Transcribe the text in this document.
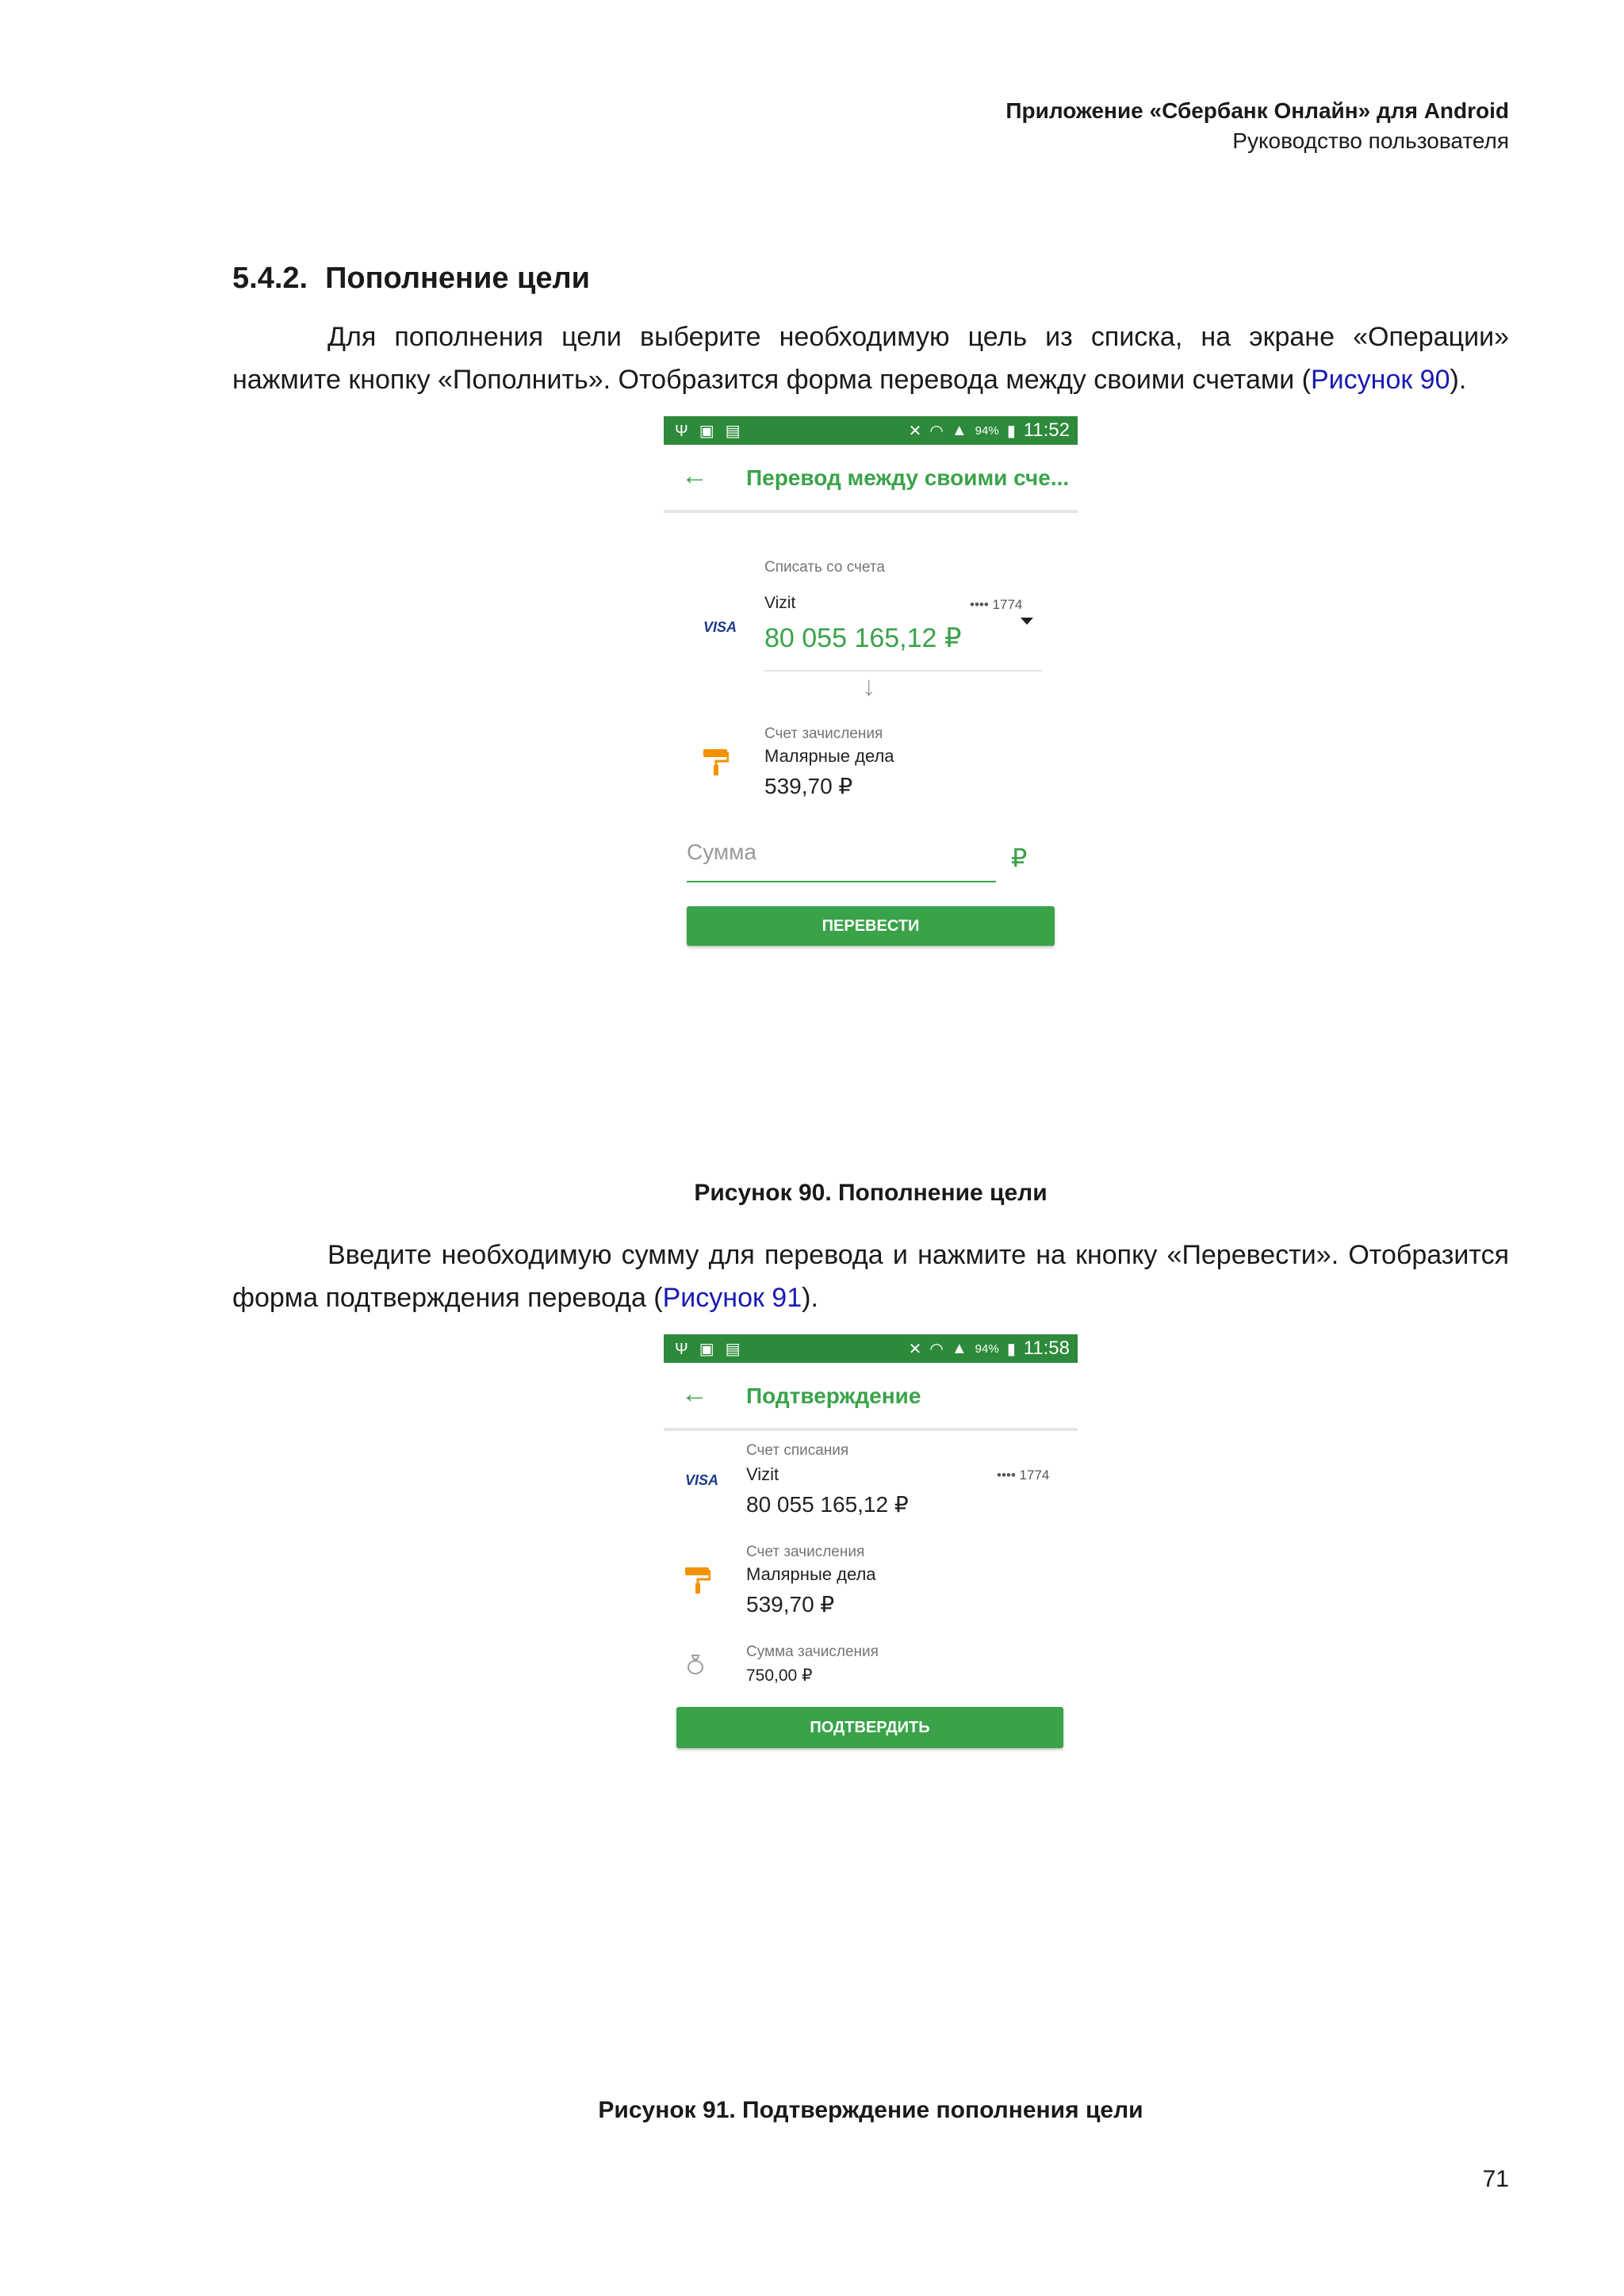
Приложение «Сбербанк Онлайн» для Android
Руководство пользователя
5.4.2. Пополнение цели
Для пополнения цели выберите необходимую цель из списка, на экране «Операции» нажмите кнопку «Пополнить». Отобразится форма перевода между своими счетами (Рисунок 90).
Ψ▣▤	✕ ◠ ▲ 94% ▮ 11:52
← Перевод между своими сче...
Списать со счета
VISA
Vizit	•••• 1774
80 055 165,12 ₽
↓
Счет зачисления
Малярные дела
539,70 ₽
Сумма	₽
ПЕРЕВЕСТИ
Рисунок 90. Пополнение цели
Введите необходимую сумму для перевода и нажмите на кнопку «Перевести». Отобразится форма подтверждения перевода (Рисунок 91).
Ψ▣▤	✕ ◠ ▲ 94% ▮ 11:58
← Подтверждение
Счет списания
VISA Vizit	•••• 1774
80 055 165,12 ₽
Счет зачисления
Малярные дела
539,70 ₽
Сумма зачисления
750,00 ₽
ПОДТВЕРДИТЬ
Рисунок 91. Подтверждение пополнения цели
71
